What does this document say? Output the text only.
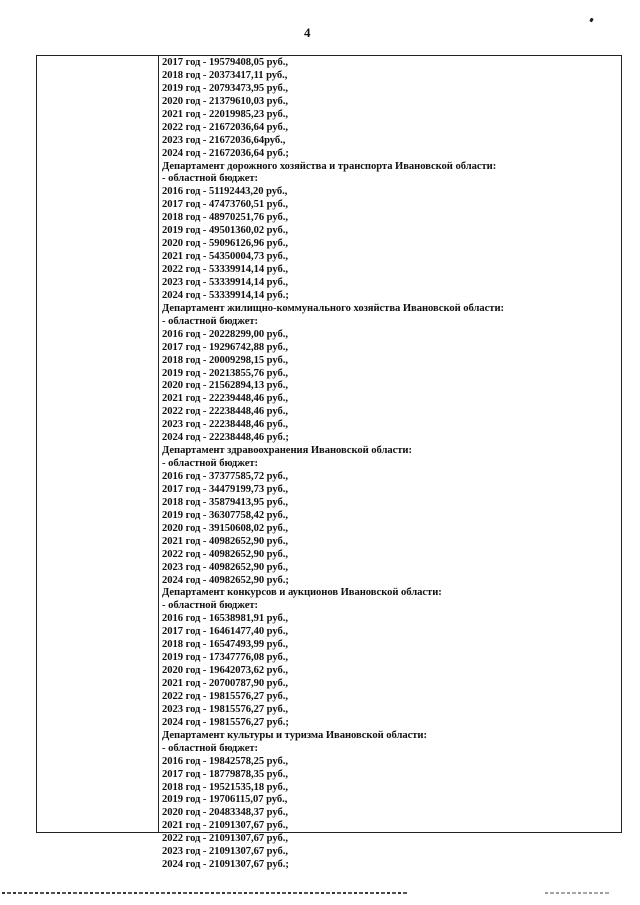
4
2017 год - 19579408,05 руб.,
2018 год - 20373417,11 руб.,
2019 год - 20793473,95 руб.,
2020 год - 21379610,03 руб.,
2021 год - 22019985,23 руб.,
2022 год - 21672036,64 руб.,
2023 год - 21672036,64руб.,
2024 год - 21672036,64 руб.;
Департамент дорожного хозяйства и транспорта Ивановской области:
- областной бюджет:
2016 год - 51192443,20 руб.,
2017 год - 47473760,51 руб.,
2018 год - 48970251,76 руб.,
2019 год - 49501360,02 руб.,
2020 год - 59096126,96 руб.,
2021 год - 54350004,73 руб.,
2022 год - 53339914,14 руб.,
2023 год - 53339914,14 руб.,
2024 год - 53339914,14 руб.;
Департамент жилищно-коммунального хозяйства Ивановской области:
- областной бюджет:
2016 год - 20228299,00 руб.,
2017 год - 19296742,88 руб.,
2018 год - 20009298,15 руб.,
2019 год - 20213855,76 руб.,
2020 год - 21562894,13 руб.,
2021 год - 22239448,46 руб.,
2022 год - 22238448,46 руб.,
2023 год - 22238448,46 руб.,
2024 год - 22238448,46 руб.;
Департамент здравоохранения Ивановской области:
- областной бюджет:
2016 год - 37377585,72 руб.,
2017 год - 34479199,73 руб.,
2018 год - 35879413,95 руб.,
2019 год - 36307758,42 руб.,
2020 год - 39150608,02 руб.,
2021 год - 40982652,90 руб.,
2022 год - 40982652,90 руб.,
2023 год - 40982652,90 руб.,
2024 год - 40982652,90 руб.;
Департамент конкурсов и аукционов Ивановской области:
- областной бюджет:
2016 год - 16538981,91 руб.,
2017 год - 16461477,40 руб.,
2018 год - 16547493,99 руб.,
2019 год - 17347776,08 руб.,
2020 год - 19642073,62 руб.,
2021 год - 20700787,90 руб.,
2022 год - 19815576,27 руб.,
2023 год - 19815576,27 руб.,
2024 год - 19815576,27 руб.;
Департамент культуры и туризма Ивановской области:
- областной бюджет:
2016 год - 19842578,25 руб.,
2017 год - 18779878,35 руб.,
2018 год - 19521535,18 руб.,
2019 год - 19706115,07 руб.,
2020 год - 20483348,37 руб.,
2021 год - 21091307,67 руб.,
2022 год - 21091307,67 руб.,
2023 год - 21091307,67 руб.,
2024 год - 21091307,67 руб.;
